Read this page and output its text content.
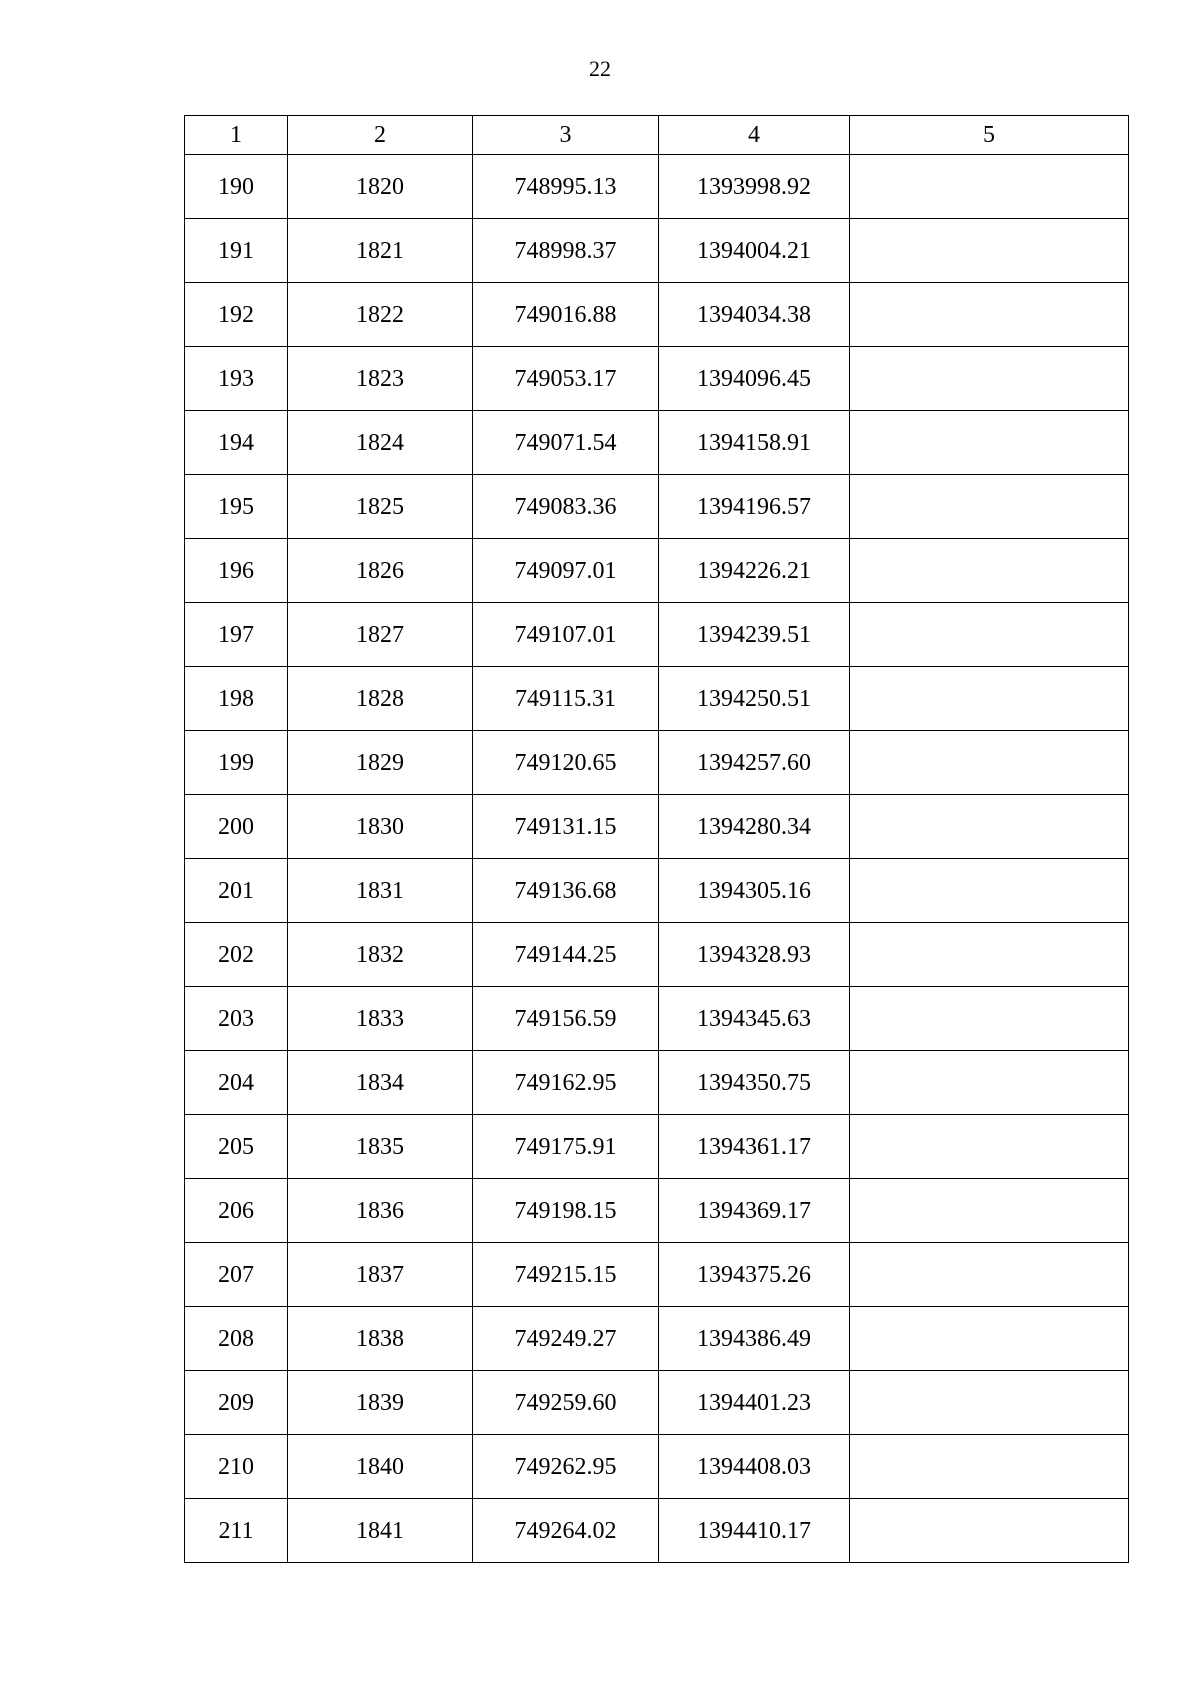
22
1	2	3	4	5
190	1820	748995.13	1393998.92	
191	1821	748998.37	1394004.21	
192	1822	749016.88	1394034.38	
193	1823	749053.17	1394096.45	
194	1824	749071.54	1394158.91	
195	1825	749083.36	1394196.57	
196	1826	749097.01	1394226.21	
197	1827	749107.01	1394239.51	
198	1828	749115.31	1394250.51	
199	1829	749120.65	1394257.60	
200	1830	749131.15	1394280.34	
201	1831	749136.68	1394305.16	
202	1832	749144.25	1394328.93	
203	1833	749156.59	1394345.63	
204	1834	749162.95	1394350.75	
205	1835	749175.91	1394361.17	
206	1836	749198.15	1394369.17	
207	1837	749215.15	1394375.26	
208	1838	749249.27	1394386.49	
209	1839	749259.60	1394401.23	
210	1840	749262.95	1394408.03	
211	1841	749264.02	1394410.17	
